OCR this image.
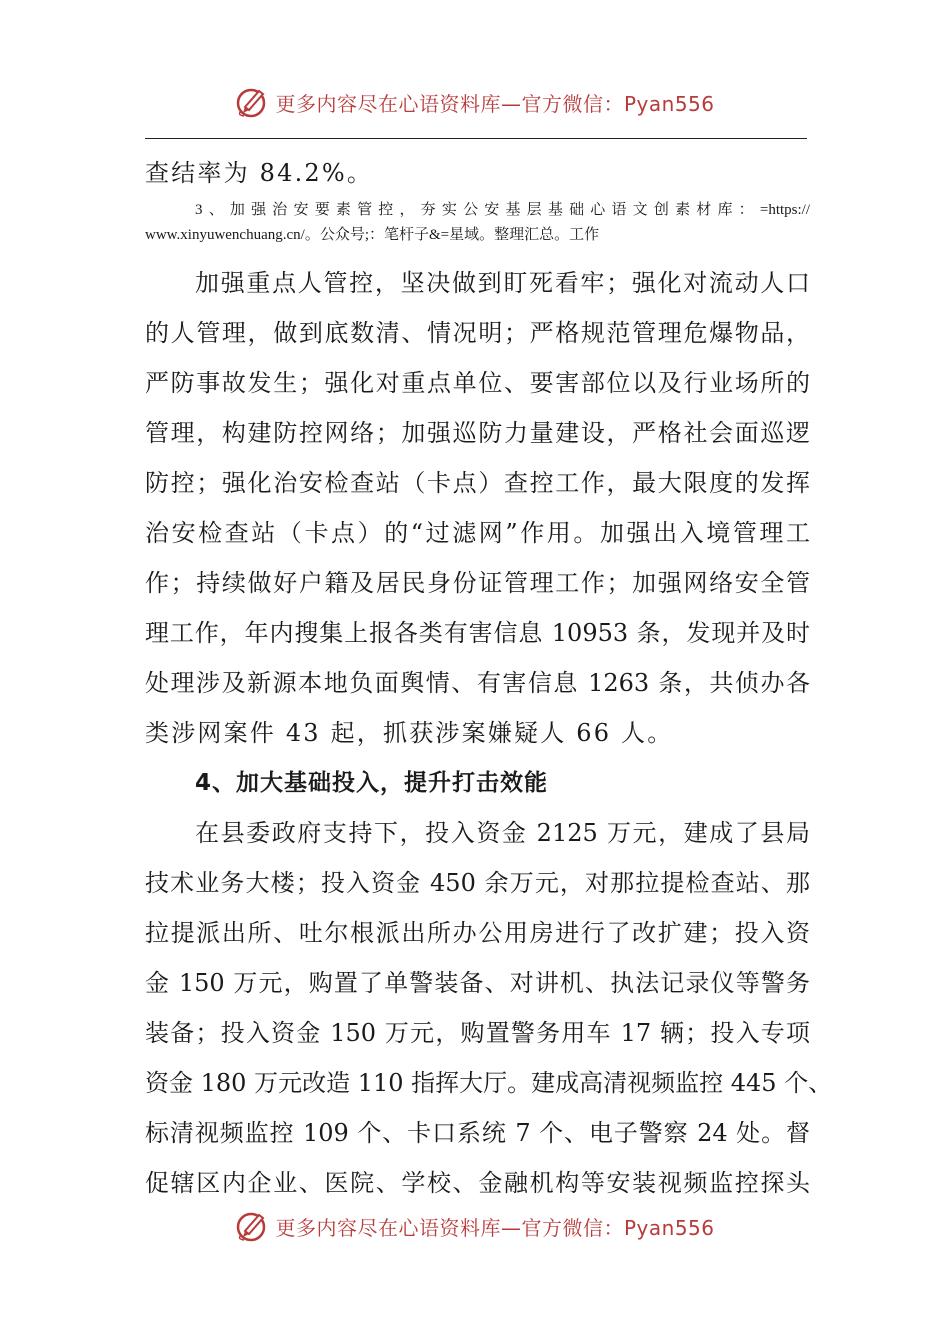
更多内容尽在心语资料库—官方微信：Pyan556
查结率为 84.2%。
3、加强治安要素管控，夯实公安基层基础心语文创素材库：=https://
www.xinyuwenchuang.cn/。公众号;：笔杆子&=星域。整理汇总。工作
加强重点人管控，坚决做到盯死看牢；强化对流动人口
的人管理，做到底数清、情况明；严格规范管理危爆物品，
严防事故发生；强化对重点单位、要害部位以及行业场所的
管理，构建防控网络；加强巡防力量建设，严格社会面巡逻
防控；强化治安检查站（卡点）查控工作，最大限度的发挥
治安检查站（卡点）的“过滤网”作用。加强出入境管理工
作；持续做好户籍及居民身份证管理工作；加强网络安全管
理工作，年内搜集上报各类有害信息 10953 条，发现并及时
处理涉及新源本地负面舆情、有害信息 1263 条，共侦办各
类涉网案件 43 起，抓获涉案嫌疑人 66 人。
4、加大基础投入，提升打击效能
在县委政府支持下，投入资金 2125 万元，建成了县局
技术业务大楼；投入资金 450 余万元，对那拉提检查站、那
拉提派出所、吐尔根派出所办公用房进行了改扩建；投入资
金 150 万元，购置了单警装备、对讲机、执法记录仪等警务
装备；投入资金 150 万元，购置警务用车 17 辆；投入专项
资金 180 万元改造 110 指挥大厅。建成高清视频监控 445 个、
标清视频监控 109 个、卡口系统 7 个、电子警察 24 处。督
促辖区内企业、医院、学校、金融机构等安装视频监控探头
更多内容尽在心语资料库—官方微信：Pyan556
